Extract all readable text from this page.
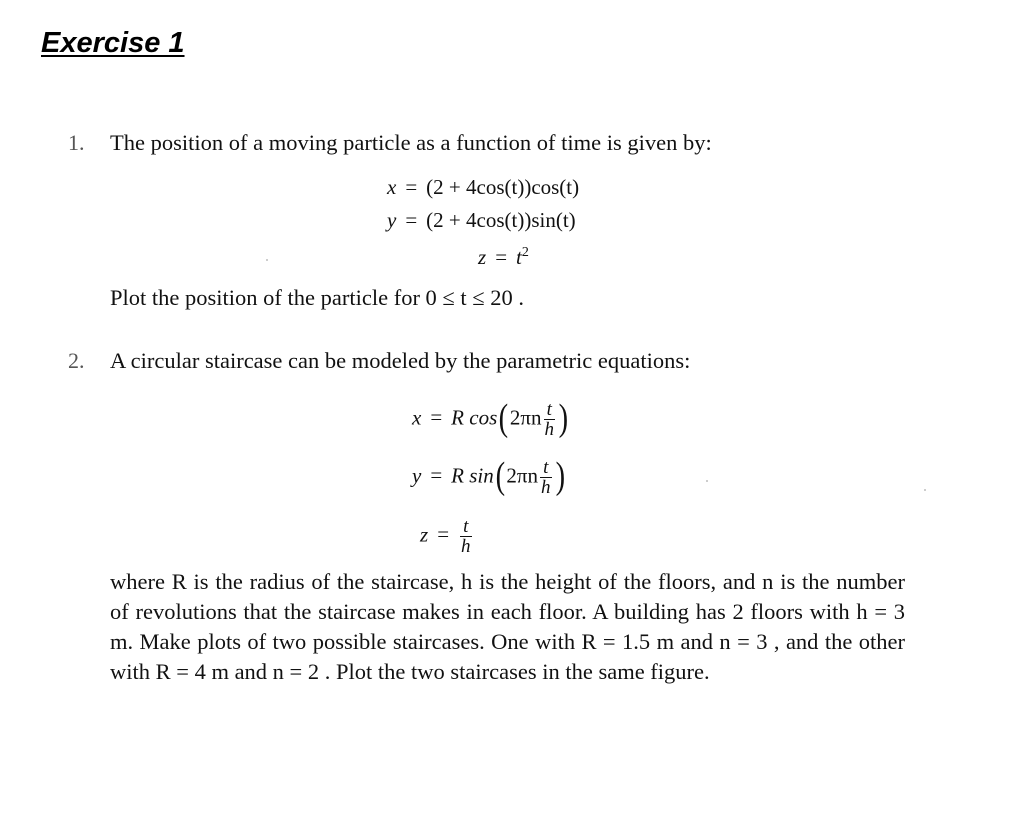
Exercise 1
1. The position of a moving particle as a function of time is given by:
x = (2 + 4cos(t))cos(t)
y = (2 + 4cos(t))sin(t)
$z = t^2$
Plot the position of the particle for 0 ≤ t ≤ 20 .
2. A circular staircase can be modeled by the parametric equations:
x = R $\cos(2\pi n \frac{t}{h}$ )
y = R $\sin(2\pi n \frac{t}{h}$ )
$z = \frac{t}{h}$
where R is the radius of the staircase, h is the height of the floors, and n is the number of revolutions that the staircase makes in each floor. A building has 2 floors with h = 3 m. Make plots of two possible staircases. One with R = 1.5 m and n = 3 , and the other with R = 4 m and n = 2 . Plot the two staircases in the same figure.
